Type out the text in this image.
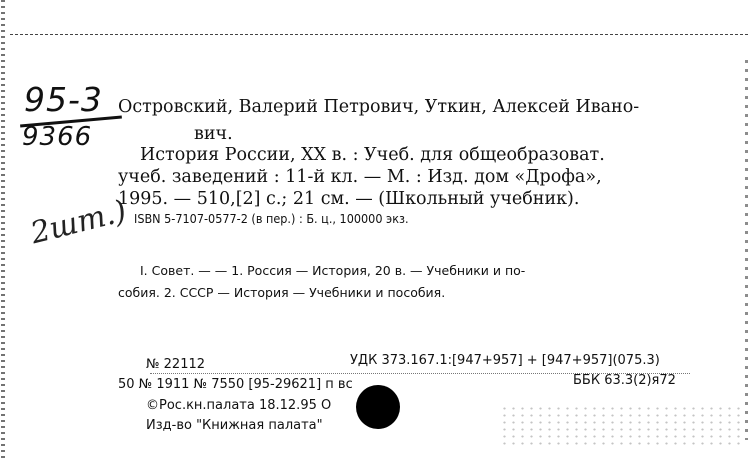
95-3
9366
2шт.)
Островский, Валерий Петрович, Уткин, Алексей Ивано-
вич.
История России, XX в. : Учеб. для общеобразоват.
учеб. заведений : 11-й кл. — М. : Изд. дом «Дрофа»,
1995. — 510,[2] с.; 21 см. — (Школьный учебник).
ISBN 5-7107-0577-2 (в пер.) : Б. ц., 100000 экз.
I. Совет. — — 1. Россия — История, 20 в. — Учебники и по-
собия. 2. СССР — История — Учебники и пособия.
№ 22112	УДК 373.167.1:[947+957] + [947+957](075.3)
50 № 1911 № 7550 [95-29621] п вс	ББК 63.3(2)я72
©Рос.кн.палата 18.12.95 О
Изд-во "Книжная палата"
